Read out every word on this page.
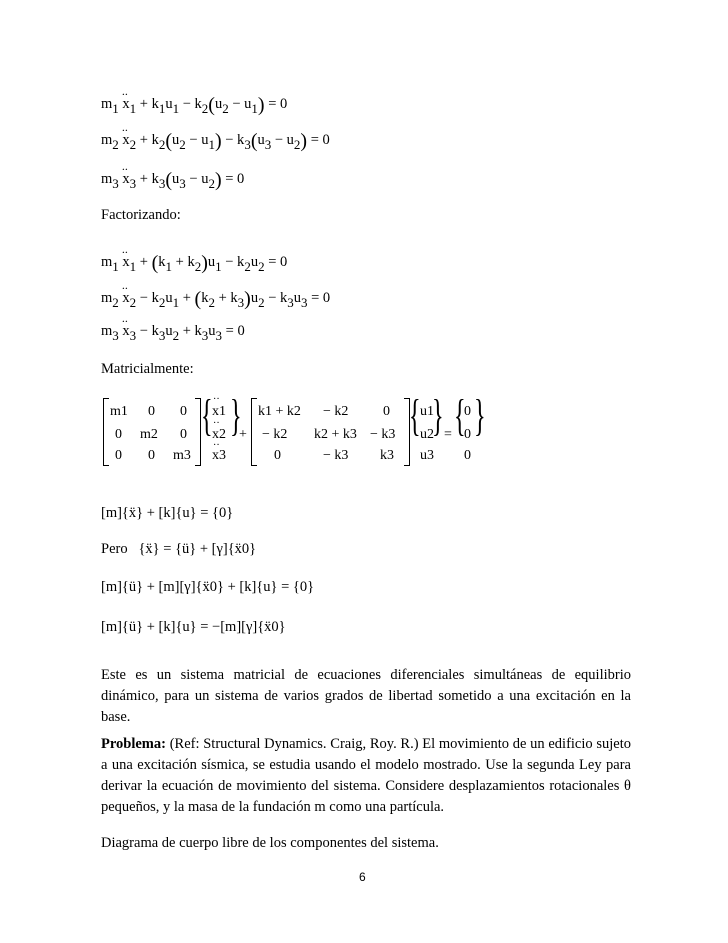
$m_1 \cdot\cdot x_1 + k_1u_1 - k_2(u_2 - u_1) = 0$
$m_2 \cdot\cdot x_2 + k_2(u_2 - u_1) - k_3(u_3 - u_2) = 0$
$m_3 \cdot\cdot x_3 + k_3(u_3 - u_2) = 0$
Factorizando:
$m_1 \cdot\cdot x_1 + (k_1 + k_2)u_1 - k_2u_2 = 0$
$m_2 \cdot\cdot x_2 - k_2u_1 + (k_2 + k_3)u_2 - k_3u_3 = 0$
$m_3 \cdot\cdot x_3 - k_3u_2 + k_3u_3 = 0$
Matricialmente:
m1 0 0
0 m2 0
0 0 m3
{ x1
x2
x3
··
··
··
}
+
k1 + k2 − k2 0
− k2 k2 + k3 − k3
0	− k3 k3
{ u1
u2
u3
} = {
0
0
0
}
[m]{ẍ} + [k]{u} = {0}
Pero {ẍ} = {ü} + [γ]{ẍ0}
[m]{ü} + [m][γ]{ẍ0} + [k]{u} = {0}
[m]{ü} + [k]{u} = −[m][γ]{ẍ0}
Este es un sistema matricial de ecuaciones diferenciales simultáneas de equilibrio dinámico, para un sistema de varios grados de libertad sometido a una excitación en la base.
Problema: (Ref: Structural Dynamics. Craig, Roy. R.) El movimiento de un edificio sujeto a una excitación sísmica, se estudia usando el modelo mostrado. Use la segunda Ley para derivar la ecuación de movimiento del sistema. Considere desplazamientos rotacionales θ pequeños, y la masa de la fundación m como una partícula.
Diagrama de cuerpo libre de los componentes del sistema.
6
